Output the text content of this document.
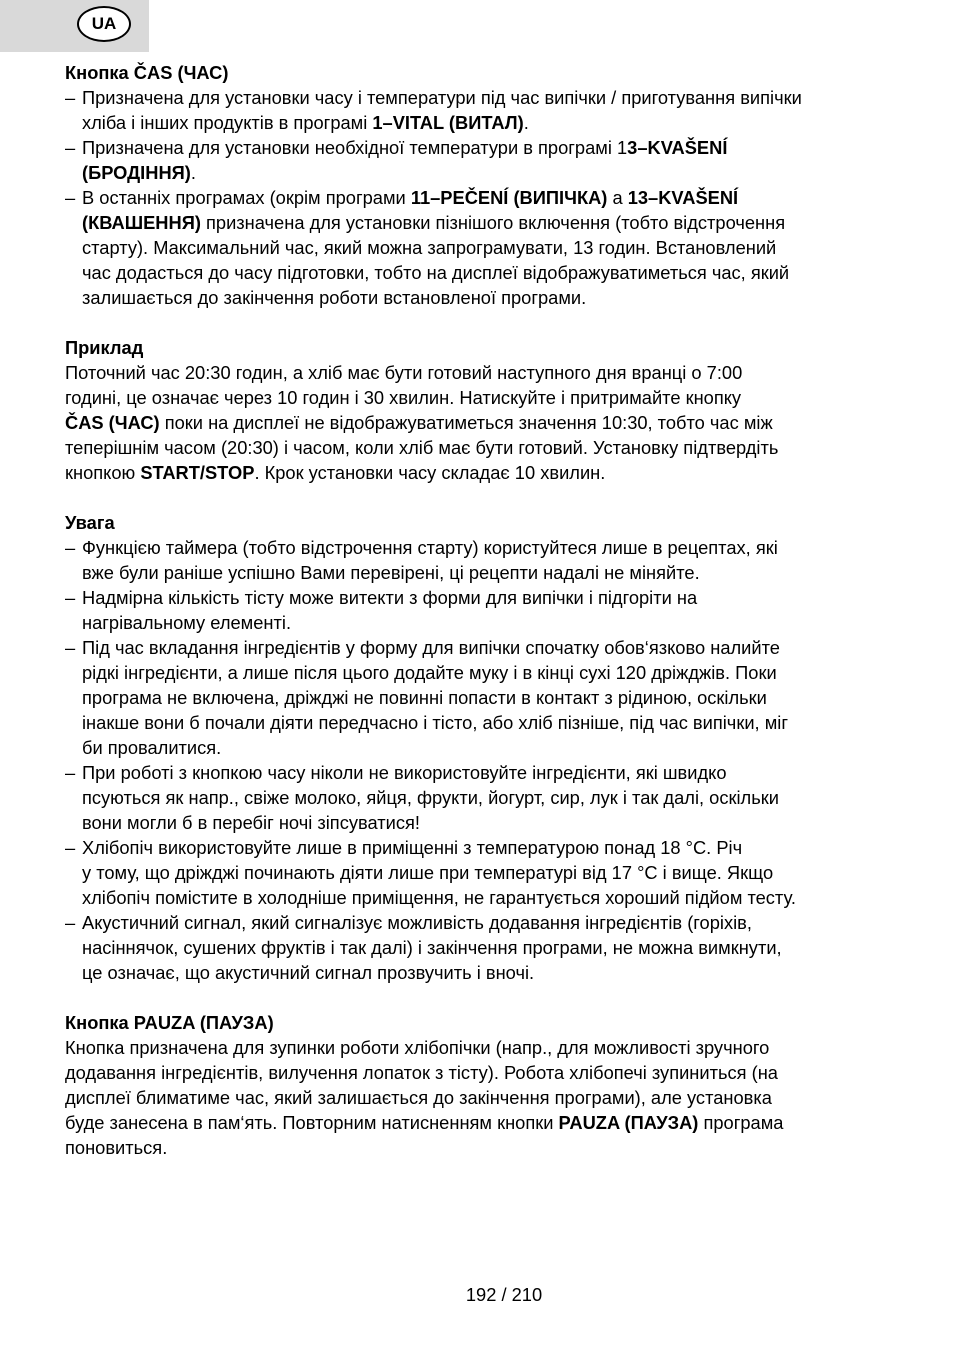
UA
Кнопка ČAS (ЧАС)
– Призначена для установки часу і температури під час випічки / приготування випічки
хліба і інших продуктів в програмі 1–VITAL (ВИТАЛ).
– Призначена для установки необхідної температури в програмі 13–KVAŠENÍ
(БРОДІННЯ).
– В останніх програмах (окрім програми 11–PEČENÍ (ВИПІЧКА) а 13–KVAŠENÍ
(КВАШЕННЯ) призначена для установки пізнішого включення (тобто відстрочення
старту). Максимальний час, який можна запрограмувати, 13 годин. Встановлений
час додасться до часу підготовки, тобто на дисплеї відображуватиметься час, який
залишається до закінчення роботи встановленої програми.
Приклад
Поточний час 20:30 годин, а хліб має бути готовий наступного дня вранці о 7:00
годині, це означає через 10 годин і 30 хвилин. Натискуйте і притримайте кнопку
ČAS (ЧАС) поки на дисплеї не відображуватиметься значення 10:30, тобто час між
теперішнім часом (20:30) і часом, коли хліб має бути готовий. Установку підтвердіть
кнопкою START/STOP. Крок установки часу складає 10 хвилин.
Увага
– Функцією таймера (тобто відстрочення старту) користуйтеся лише в рецептах, які
вже були раніше успішно Вами перевірені, ці рецепти надалі не міняйте.
– Надмірна кількість тісту може витекти з форми для випічки і підгоріти на
нагрівальному елементі.
– Під час вкладання інгредієнтів у форму для випічки спочатку обов‘язково налийте
рідкі інгредієнти, а лише після цього додайте муку і в кінці сухі 120 дріжджів. Поки
програма не включена, дріжджі не повинні попасти в контакт з рідиною, оскільки
інакше вони б почали діяти передчасно і тісто, або хліб пізніше, під час випічки, міг
би провалитися.
– При роботі з кнопкою часу ніколи не використовуйте інгредієнти, які швидко
псуються як напр., свіже молоко, яйця, фрукти, йогурт, сир, лук і так далі, оскільки
вони могли б в перебіг ночі зіпсуватися!
– Хлібопіч використовуйте лише в приміщенні з температурою понад 18 °C. Річ
у тому, що дріжджі починають діяти лише при температурі від 17 °C і вище. Якщо
хлібопіч помістите в холодніше приміщення, не гарантується хороший підйом тесту.
– Акустичний сигнал, який сигналізує можливість додавання інгредієнтів (горіхів,
насіннячок, сушених фруктів і так далі) і закінчення програми, не можна вимкнути,
це означає, що акустичний сигнал прозвучить і вночі.
Кнопка PAUZA (ПАУЗА)
Кнопка призначена для зупинки роботи хлібопічки (напр., для можливості зручного
додавання інгредієнтів, вилучення лопаток з тісту). Робота хлібопечі зупиниться (на
дисплеї блиматиме час, який залишається до закінчення програми), але установка
буде занесена в пам‘ять. Повторним натисненням кнопки PAUZA (ПАУЗА) програма
поновиться.
192 / 210
